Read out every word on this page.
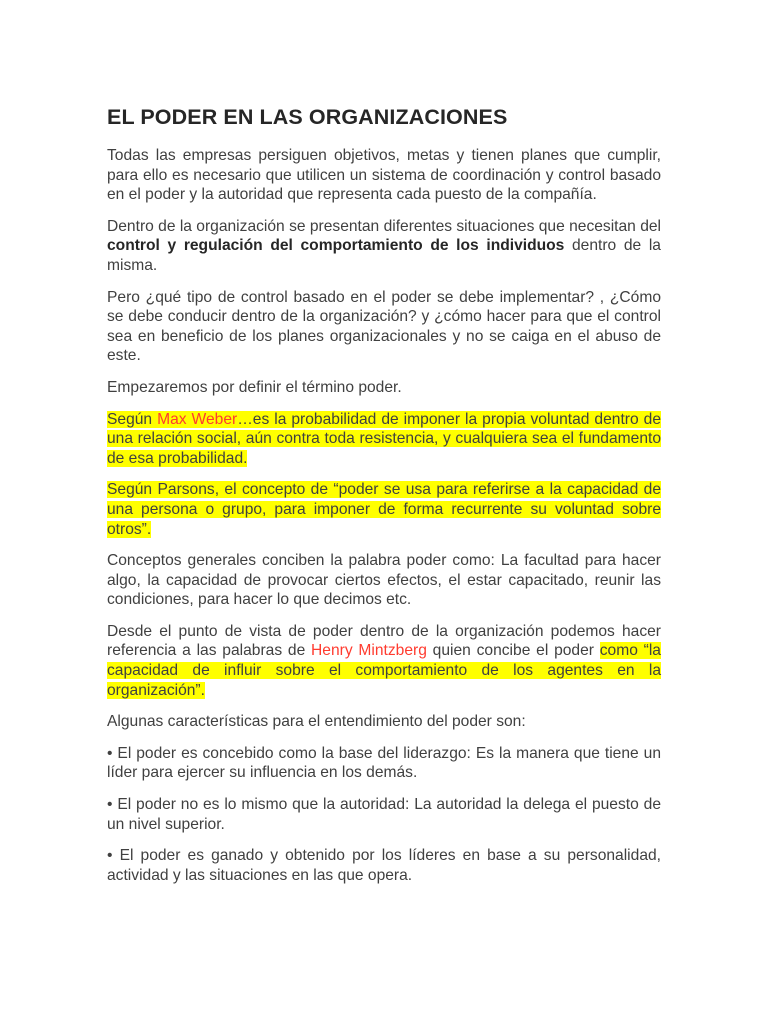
EL PODER EN LAS ORGANIZACIONES

Todas las empresas persiguen objetivos, metas y tienen planes que cumplir, para ello es necesario que utilicen un sistema de coordinación y control basado en el poder y la autoridad que representa cada puesto de la compañía.

Dentro de la organización se presentan diferentes situaciones que necesitan del control y regulación del comportamiento de los individuos dentro de la misma.

Pero ¿qué tipo de control basado en el poder se debe implementar? , ¿Cómo se debe conducir dentro de la organización? y ¿cómo hacer para que el control sea en beneficio de los planes organizacionales y no se caiga en el abuso de este.

Empezaremos por definir el término poder.

Según Max Weber…es la probabilidad de imponer la propia voluntad dentro de una relación social, aún contra toda resistencia, y cualquiera sea el fundamento de esa probabilidad.

Según Parsons, el concepto de “poder se usa para referirse a la capacidad de una persona o grupo, para imponer de forma recurrente su voluntad sobre otros”.

Conceptos generales conciben la palabra poder como: La facultad para hacer algo, la capacidad de provocar ciertos efectos, el estar capacitado, reunir las condiciones, para hacer lo que decimos etc.

Desde el punto de vista de poder dentro de la organización podemos hacer referencia a las palabras de Henry Mintzberg quien concibe el poder como “la capacidad de influir sobre el comportamiento de los agentes en la organización”.

Algunas características para el entendimiento del poder son:

• El poder es concebido como la base del liderazgo: Es la manera que tiene un líder para ejercer su influencia en los demás.

• El poder no es lo mismo que la autoridad: La autoridad la delega el puesto de un nivel superior.

• El poder es ganado y obtenido por los líderes en base a su personalidad, actividad y las situaciones en las que opera.
